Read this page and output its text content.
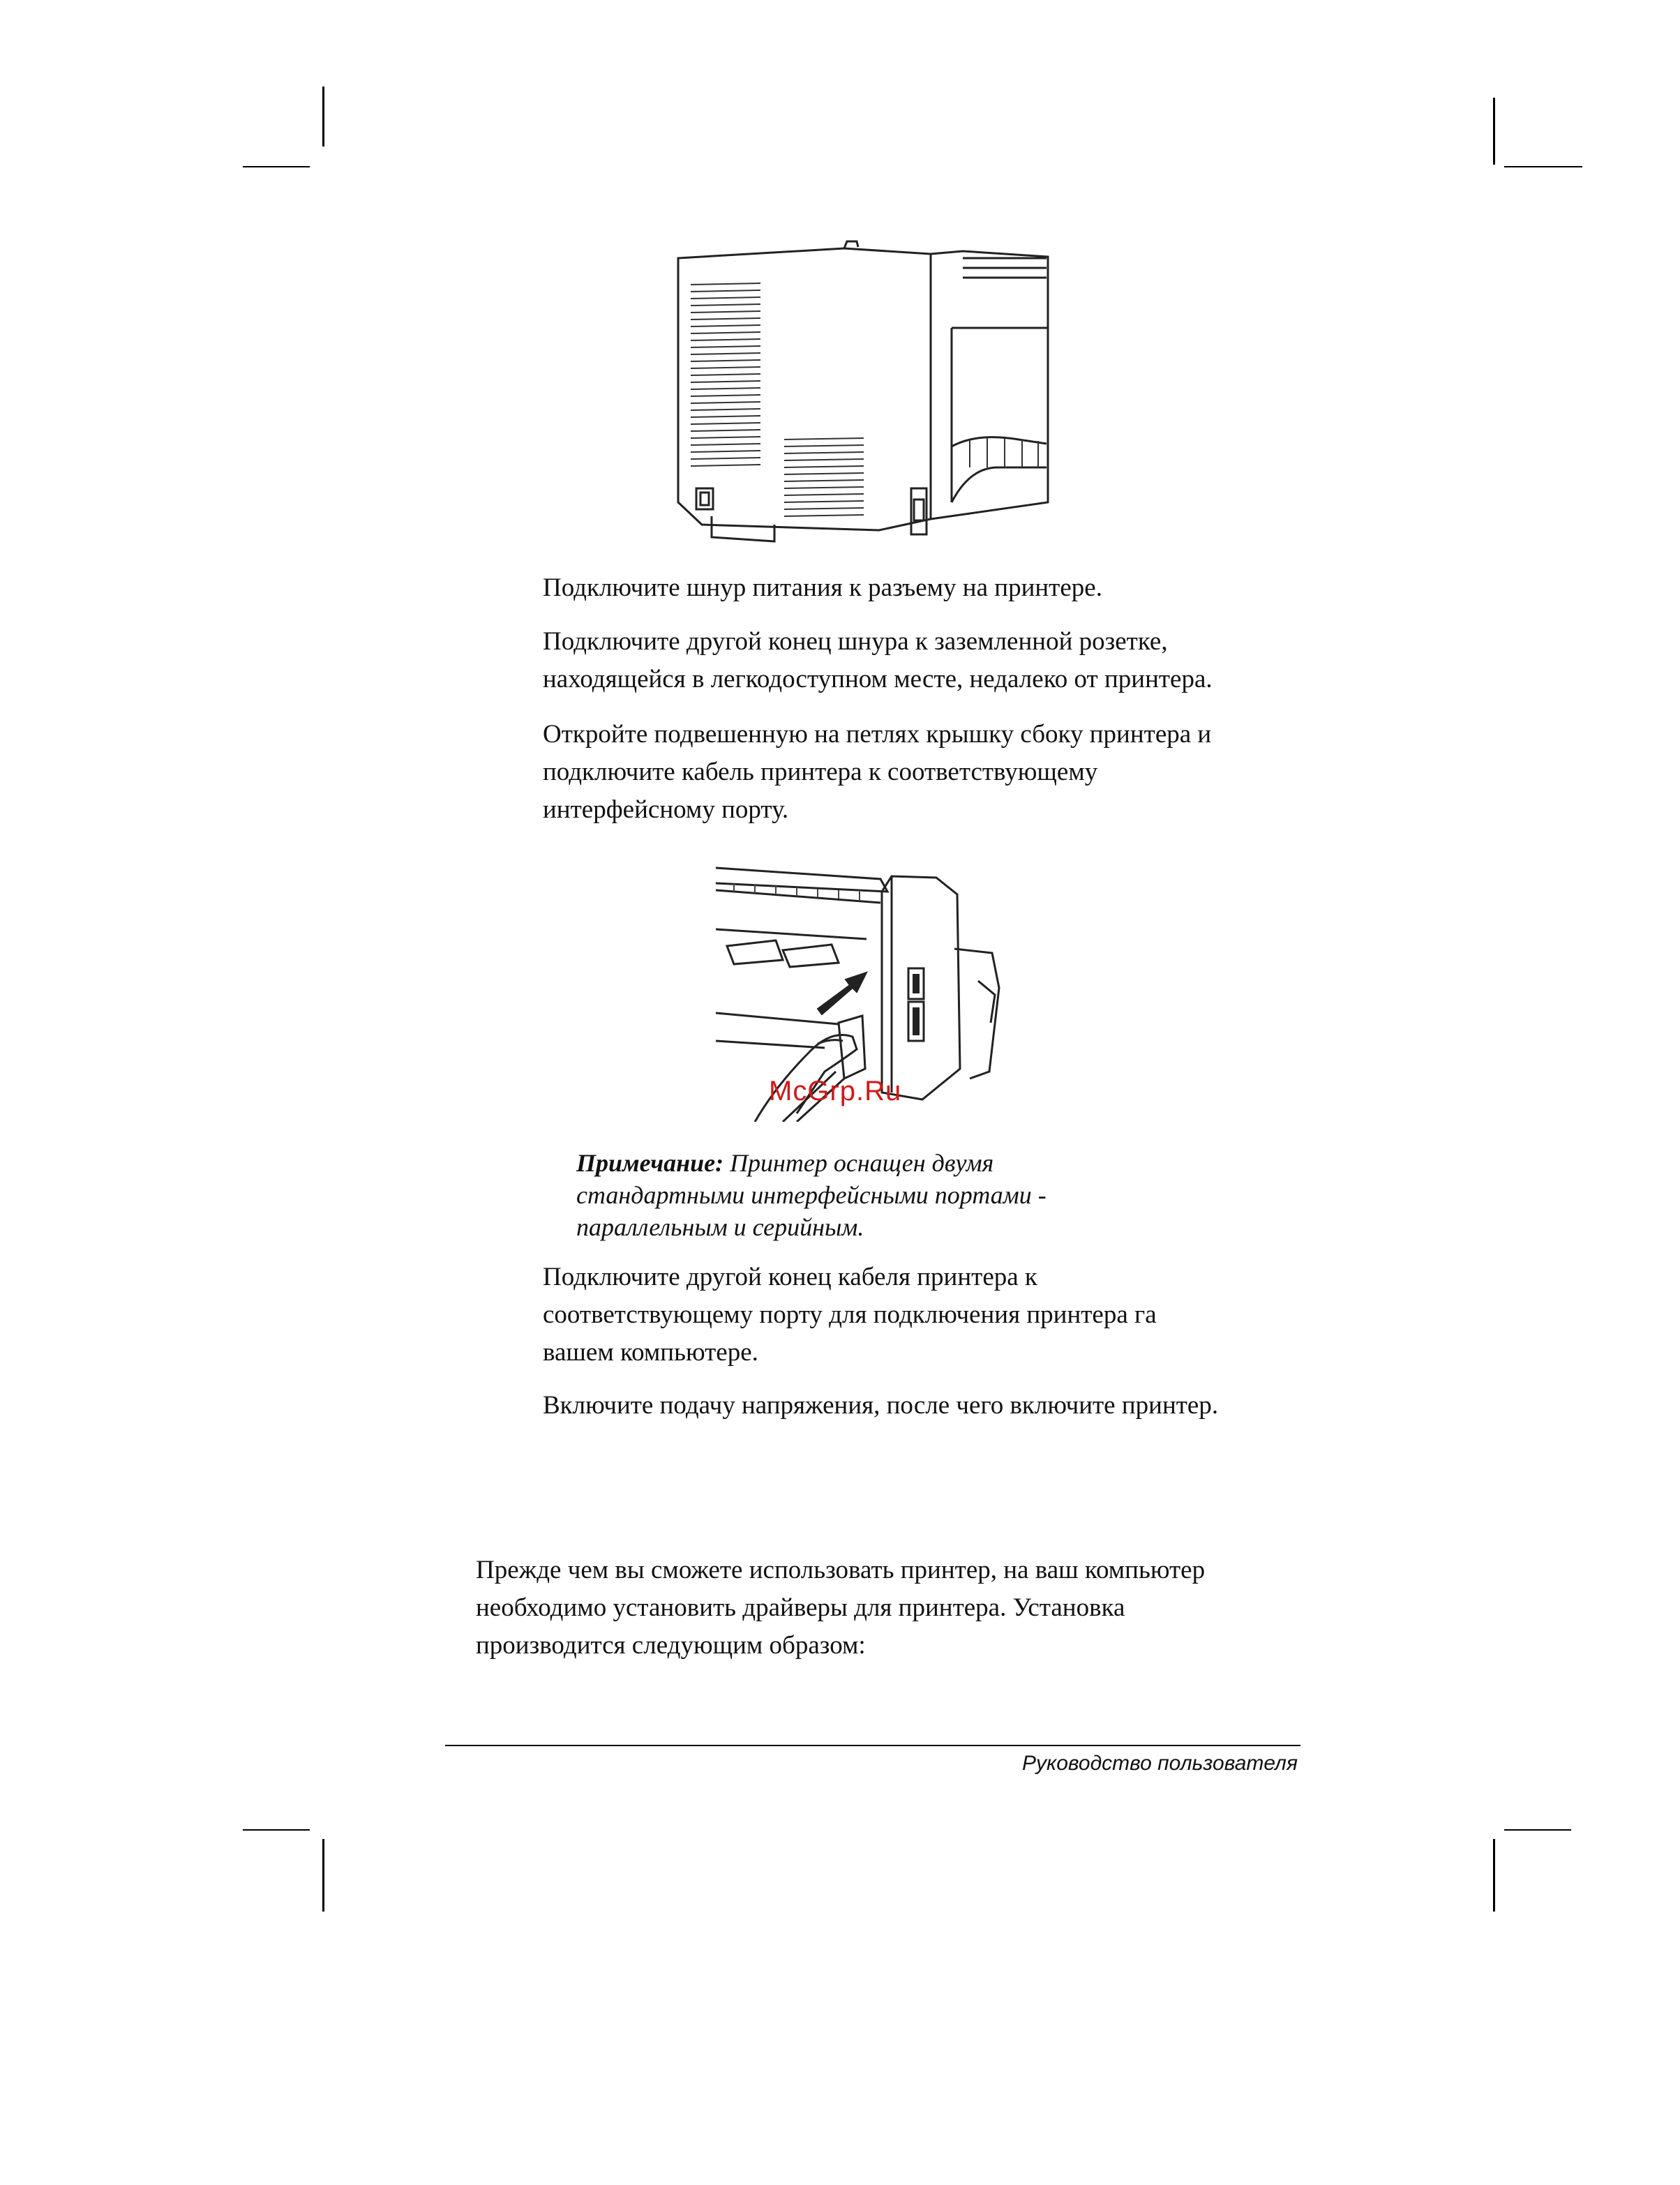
Подключите шнур питания к разъему на принтере.
Подключите другой конец шнура к заземленной розетке,
находящейся в легкодоступном месте, недалеко от принтера.
Откройте подвешенную на петлях крышку сбоку принтера и
подключите кабель принтера к соответствующему
интерфейсному порту.
McGrp.Ru
Примечание: Принтер оснащен двумя
стандартными интерфейсными портами -
параллельным и серийным.
Подключите другой конец кабеля принтера к
соответствующему порту для подключения принтера га
вашем компьютере.
Включите подачу напряжения, после чего включите принтер.
Прежде чем вы сможете использовать принтер, на ваш компьютер
необходимо установить драйверы для принтера. Установка
производится следующим образом:
Руководство пользователя
